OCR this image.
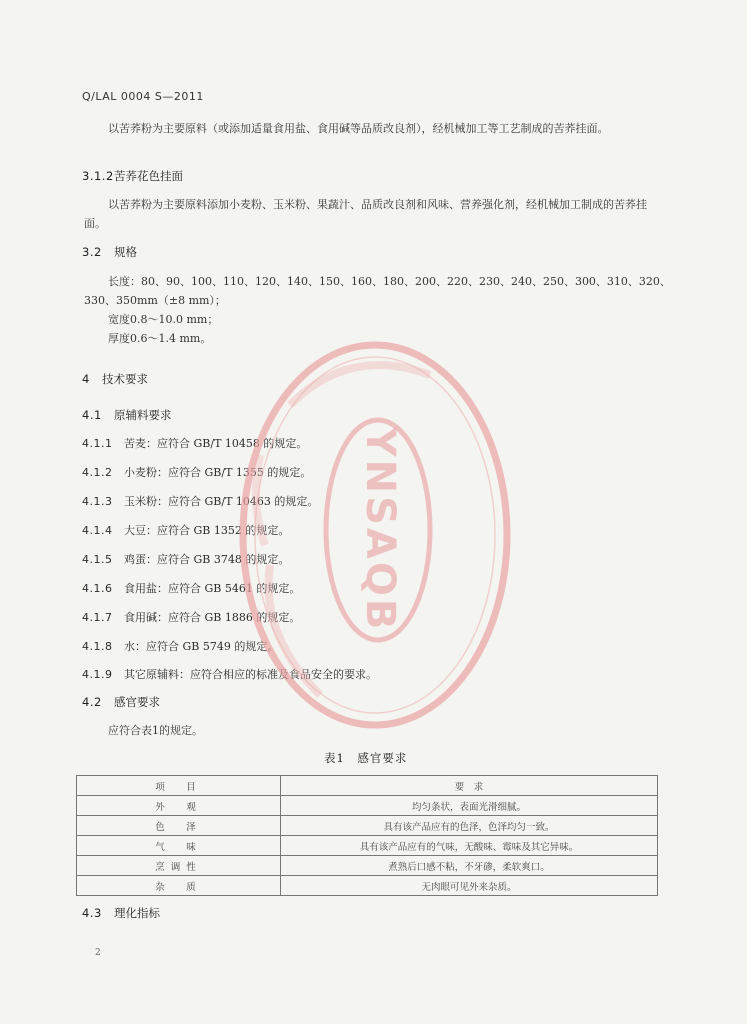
Q/LAL 0004 S—2011
以苦荞粉为主要原料（或添加适量食用盐、食用碱等品质改良剂），经机械加工等工艺制成的苦荞挂面。
3.1.2苦荞花色挂面
以苦荞粉为主要原料添加小麦粉、玉米粉、果蔬汁、品质改良剂和风味、营养强化剂，经机械加工制成的苦荞挂面。
3.2 规格
长度：80、90、100、110、120、140、150、160、180、200、220、230、240、250、300、310、320、
330、350mm（±8 mm）；
宽度0.8～10.0 mm；
厚度0.6～1.4 mm。
4 技术要求
4.1 原辅料要求
4.1.1 苦麦：应符合 GB/T 10458 的规定。
4.1.2 小麦粉：应符合 GB/T 1355 的规定。
4.1.3 玉米粉：应符合 GB/T 10463 的规定。
4.1.4 大豆：应符合 GB 1352 的规定。
4.1.5 鸡蛋：应符合 GB 3748 的规定。
4.1.6 食用盐：应符合 GB 5461 的规定。
4.1.7 食用碱：应符合 GB 1886 的规定。
4.1.8 水：应符合 GB 5749 的规定。
4.1.9 其它原辅料：应符合相应的标准及食品安全的要求。
4.2 感官要求
应符合表1的规定。
表1　感官要求
项　目	要　求
外　观	均匀条状，表面光滑细腻。
色　泽	具有该产品应有的色泽，色泽均匀一致。
气　味	具有该产品应有的气味，无酸味、霉味及其它异味。
烹调性	煮熟后口感不粘，不牙碜，柔软爽口。
杂　质	无肉眼可见外来杂质。
4.3 理化指标
2
YNSAQB
